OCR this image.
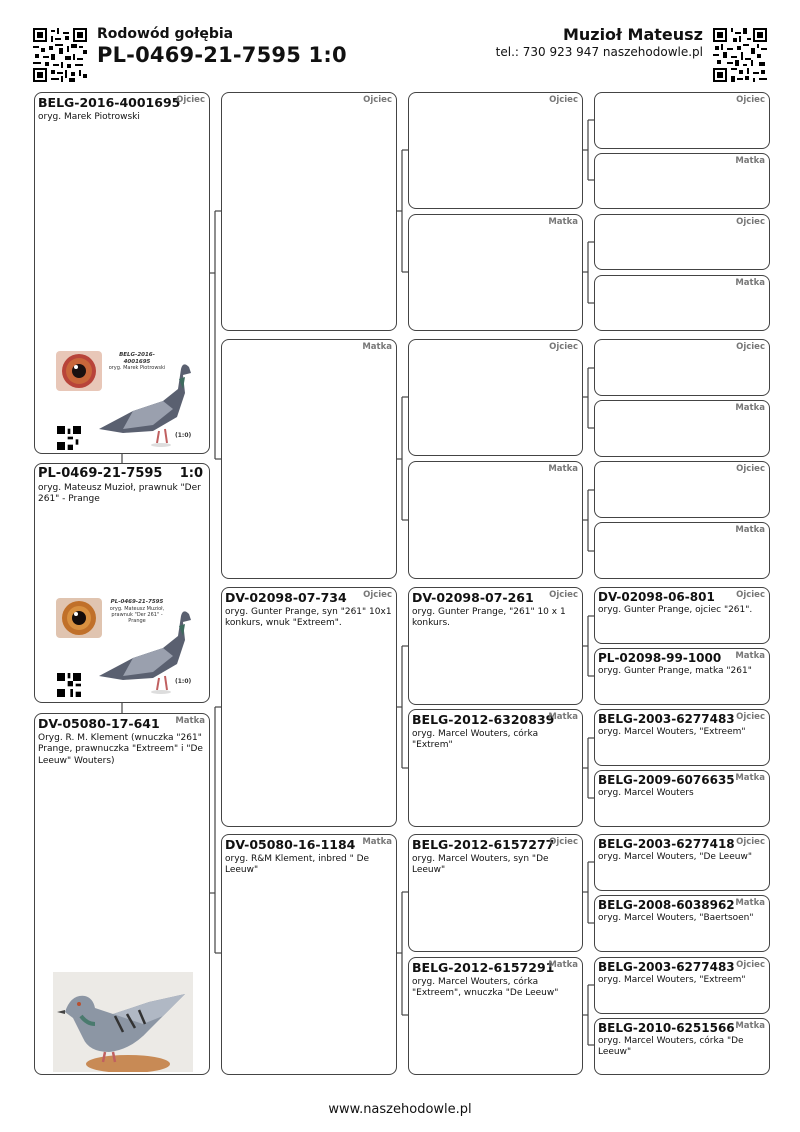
Rodowód gołębia
PL-0469-21-7595 1:0
Muzioł Mateusz
tel.: 730 923 947 naszehodowle.pl
BELG-2016-4001695
Ojciec
oryg. Marek Piotrowski
BELG-2016-4001695
oryg. Marek Piotrowski
(1:0)
PL-0469-21-7595 1:0
oryg. Mateusz Muzioł, prawnuk "Der 261" - Prange
PL-0469-21-7595
oryg. Mateusz Muzioł, prawnuk "Der 261" - Prange
(1:0)
DV-05080-17-641 Matka
Oryg. R. M. Klement (wnuczka "261" Prange, prawnuczka "Extreem" i "De Leeuw" Wouters)
Ojciec
Matka
DV-02098-07-734 Ojciec
oryg. Gunter Prange, syn "261" 10x1 konkurs, wnuk "Extreem".
DV-05080-16-1184 Matka
oryg. R&M Klement, inbred " De Leeuw"
Ojciec
Matka
Ojciec
Matka
DV-02098-07-261 Ojciec
oryg. Gunter Prange, "261" 10 x 1 konkurs.
BELG-2012-6320839
Matka
oryg. Marcel Wouters, córka "Extrem"
BELG-2012-6157277
Ojciec
oryg. Marcel Wouters, syn "De Leeuw"
BELG-2012-6157291
Matka
oryg. Marcel Wouters, córka "Extreem", wnuczka "De Leeuw"
Ojciec
Matka
Ojciec
Matka
Ojciec
Matka
Ojciec
Matka
DV-02098-06-801	Ojciec
oryg. Gunter Prange, ojciec "261".
PL-02098-99-1000 Matka
oryg. Gunter Prange, matka "261"
BELG-2003-6277483 Ojciec
oryg. Marcel Wouters, "Extreem"
BELG-2009-6076635 Matka
oryg. Marcel Wouters
BELG-2003-6277418 Ojciec
oryg. Marcel Wouters, "De Leeuw"
BELG-2008-6038962 Matka
oryg. Marcel Wouters, "Baertsoen"
BELG-2003-6277483 Ojciec
oryg. Marcel Wouters, "Extreem"
BELG-2010-6251566 Matka
oryg. Marcel Wouters, córka "De Leeuw"
www.naszehodowle.pl
